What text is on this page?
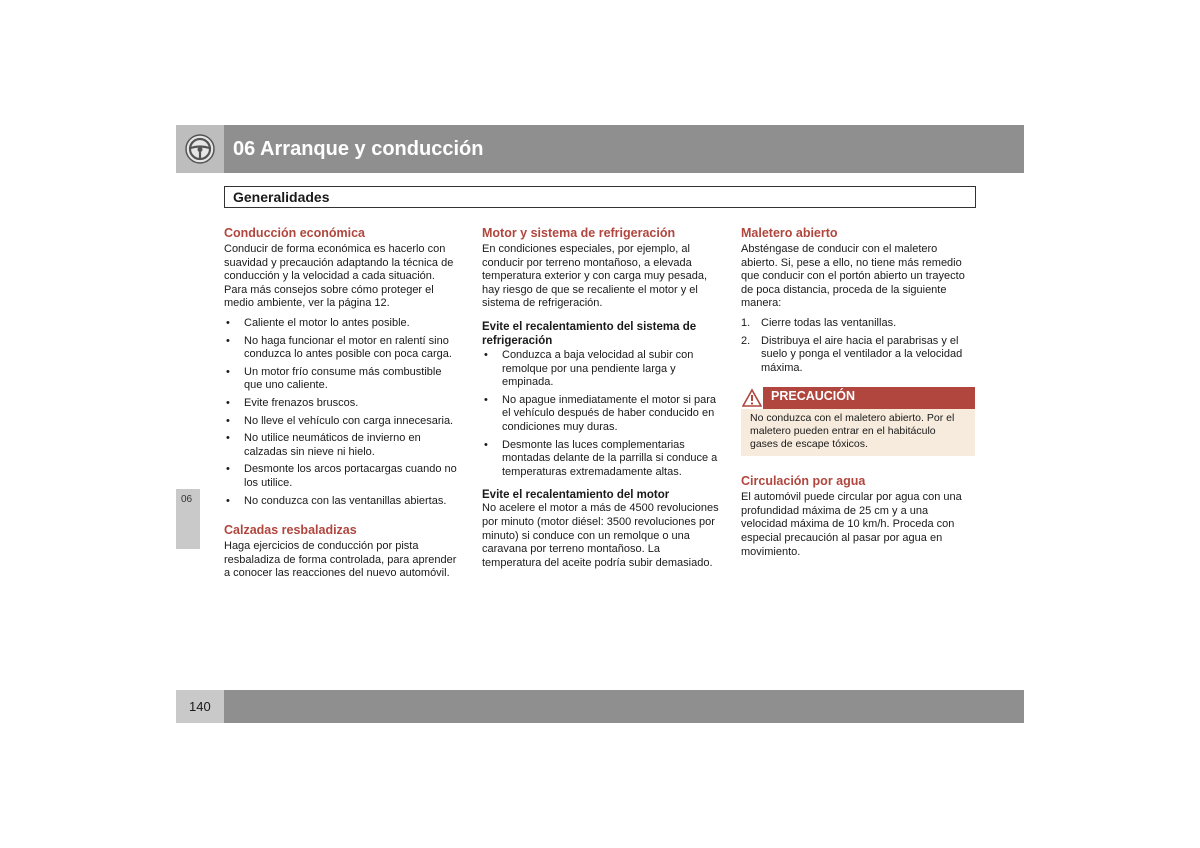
06 Arranque y conducción
Generalidades
06
Conducción económica

Conducir de forma económica es hacerlo con suavidad y precaución adaptando la técnica de conducción y la velocidad a cada situación. Para más consejos sobre cómo proteger el medio ambiente, ver la página 12.

• Caliente el motor lo antes posible.
• No haga funcionar el motor en ralentí sino conduzca lo antes posible con poca carga.
• Un motor frío consume más combustible que uno caliente.
• Evite frenazos bruscos.
• No lleve el vehículo con carga innecesaria.
• No utilice neumáticos de invierno en calzadas sin nieve ni hielo.
• Desmonte los arcos portacargas cuando no los utilice.
• No conduzca con las ventanillas abiertas.
Calzadas resbaladizas

Haga ejercicios de conducción por pista resbaladiza de forma controlada, para aprender a conocer las reacciones del nuevo automóvil.

Motor y sistema de refrigeración

En condiciones especiales, por ejemplo, al conducir por terreno montañoso, a elevada temperatura exterior y con carga muy pesada, hay riesgo de que se recaliente el motor y el sistema de refrigeración.

Evite el recalentamiento del sistema de refrigeración
• Conduzca a baja velocidad al subir con remolque por una pendiente larga y empinada.
• No apague inmediatamente el motor si para el vehículo después de haber conducido en condiciones muy duras.
• Desmonte las luces complementarias montadas delante de la parrilla si conduce a temperaturas extremadamente altas.
Evite el recalentamiento del motor

No acelere el motor a más de 4500 revoluciones por minuto (motor diésel: 3500 revoluciones por minuto) si conduce con un remolque o una caravana por terreno montañoso. La temperatura del aceite podría subir demasiado.

Maletero abierto

Absténgase de conducir con el maletero abierto. Si, pese a ello, no tiene más remedio que conducir con el portón abierto un trayecto de poca distancia, proceda de la siguiente manera:

1. Cierre todas las ventanillas.
2. Distribuya el aire hacia el parabrisas y el suelo y ponga el ventilador a la velocidad máxima.
PRECAUCIÓN
No conduzca con el maletero abierto. Por el maletero pueden entrar en el habitáculo gases de escape tóxicos.
Circulación por agua

El automóvil puede circular por agua con una profundidad máxima de 25 cm y a una velocidad máxima de 10 km/h. Proceda con especial precaución al pasar por agua en movimiento.

140
